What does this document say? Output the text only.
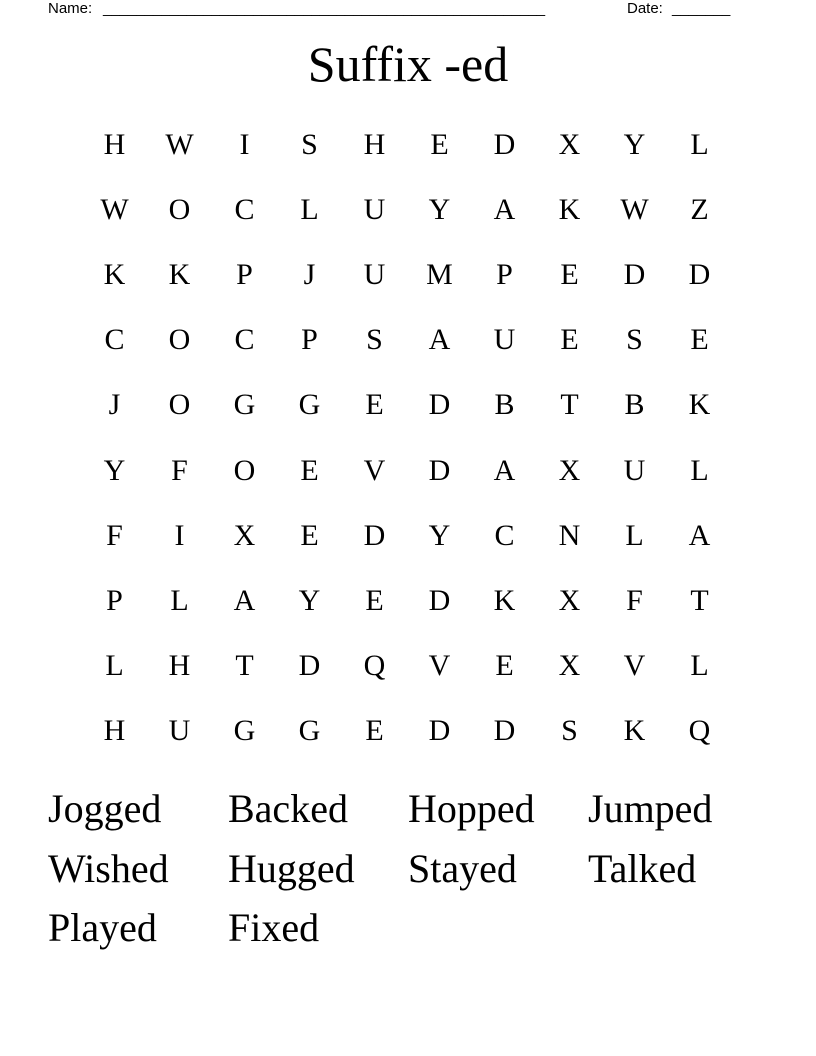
Name: _____________________________________________________	Date: _______
Suffix -ed
H	W	I	S	H	E	D	X	Y	L
W	O	C	L	U	Y	A	K	W	Z
K	K	P	J	U	M	P	E	D	D
C	O	C	P	S	A	U	E	S	E
J	O	G	G	E	D	B	T	B	K
Y	F	O	E	V	D	A	X	U	L
F	I	X	E	D	Y	C	N	L	A
P	L	A	Y	E	D	K	X	F	T
L	H	T	D	Q	V	E	X	V	L
H	U	G	G	E	D	D	S	K	Q
Jogged	Backed	Hopped	Jumped
Wished	Hugged	Stayed	Talked
Played	Fixed
